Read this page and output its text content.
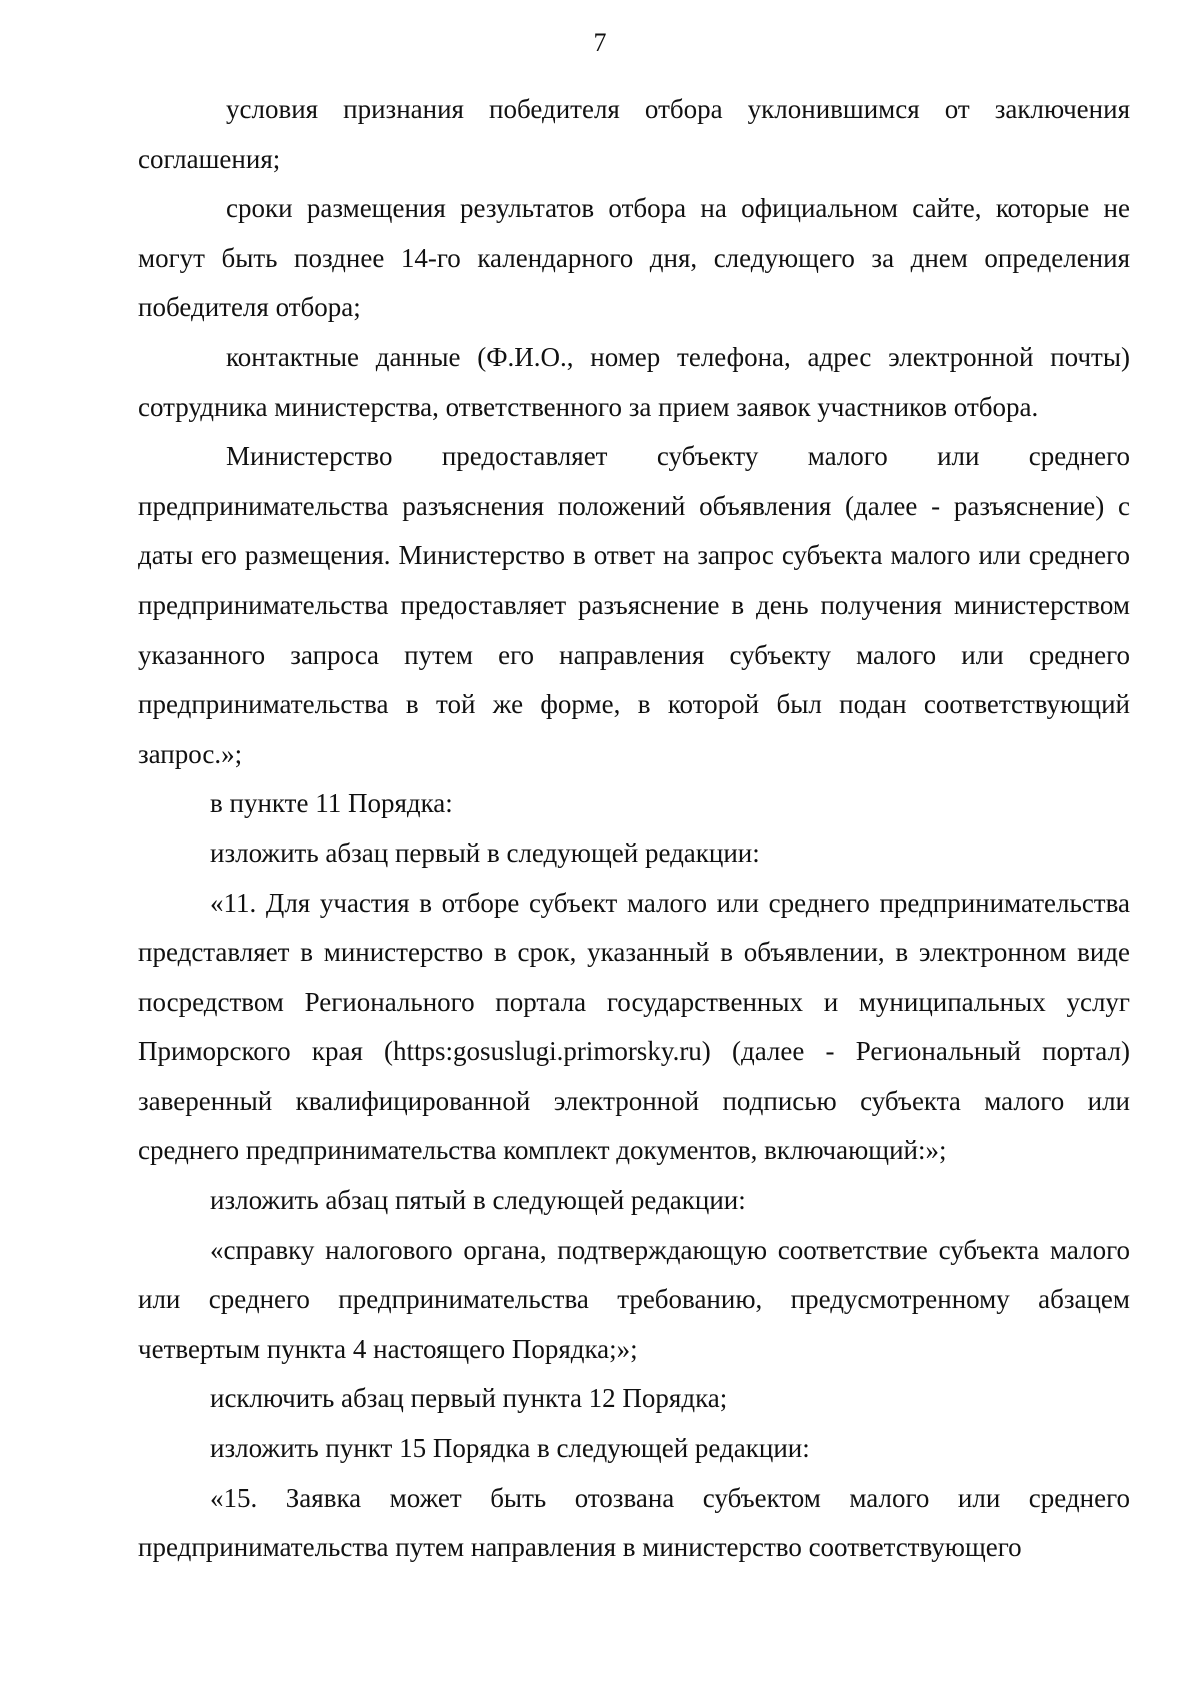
7

условия признания победителя отбора уклонившимся от заключения соглашения;

сроки размещения результатов отбора на официальном сайте, которые не могут быть позднее 14-го календарного дня, следующего за днем определения победителя отбора;

контактные данные (Ф.И.О., номер телефона, адрес электронной почты) сотрудника министерства, ответственного за прием заявок участников отбора.

Министерство предоставляет субъекту малого или среднего предпринимательства разъяснения положений объявления (далее - разъяснение) с даты его размещения. Министерство в ответ на запрос субъекта малого или среднего предпринимательства предоставляет разъяснение в день получения министерством указанного запроса путем его направления субъекту малого или среднего предпринимательства в той же форме, в которой был подан соответствующий запрос.»;

в пункте 11 Порядка:

изложить абзац первый в следующей редакции:

«11. Для участия в отборе субъект малого или среднего предпринимательства представляет в министерство в срок, указанный в объявлении, в электронном виде посредством Регионального портала государственных и муниципальных услуг Приморского края (https:gosuslugi.primorsky.ru) (далее - Региональный портал) заверенный квалифицированной электронной подписью субъекта малого или среднего предпринимательства комплект документов, включающий:»;

изложить абзац пятый в следующей редакции:

«справку налогового органа, подтверждающую соответствие субъекта малого или среднего предпринимательства требованию, предусмотренному абзацем четвертым пункта 4 настоящего Порядка;»;

исключить абзац первый пункта 12 Порядка;

изложить пункт 15 Порядка в следующей редакции:

«15. Заявка может быть отозвана субъектом малого или среднего предпринимательства путем направления в министерство соответствующего
